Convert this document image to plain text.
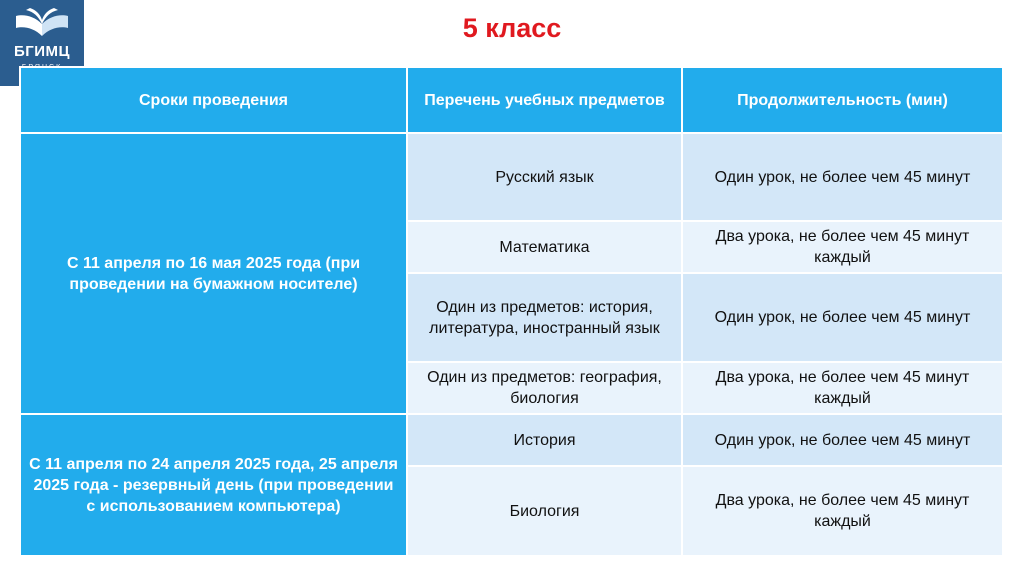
БГИМЦ
5 класс
Сроки проведения	Перечень учебных предметов	Продолжительность (мин)
С 11 апреля по 16 мая 2025 года (при проведении на бумажном носителе)	Русский язык	Один урок, не более чем 45 минут
	Математика	Два урока, не более чем 45 минут каждый
	Один из предметов: история, литература, иностранный язык	Один урок, не более чем 45 минут
	Один из предметов: география, биология	Два урока, не более чем 45 минут каждый
С 11 апреля по 24 апреля 2025 года, 25 апреля 2025 года - резервный день (при проведении с использованием компьютера)	История	Один урок, не более чем 45 минут
	Биология	Два урока, не более чем 45 минут каждый
